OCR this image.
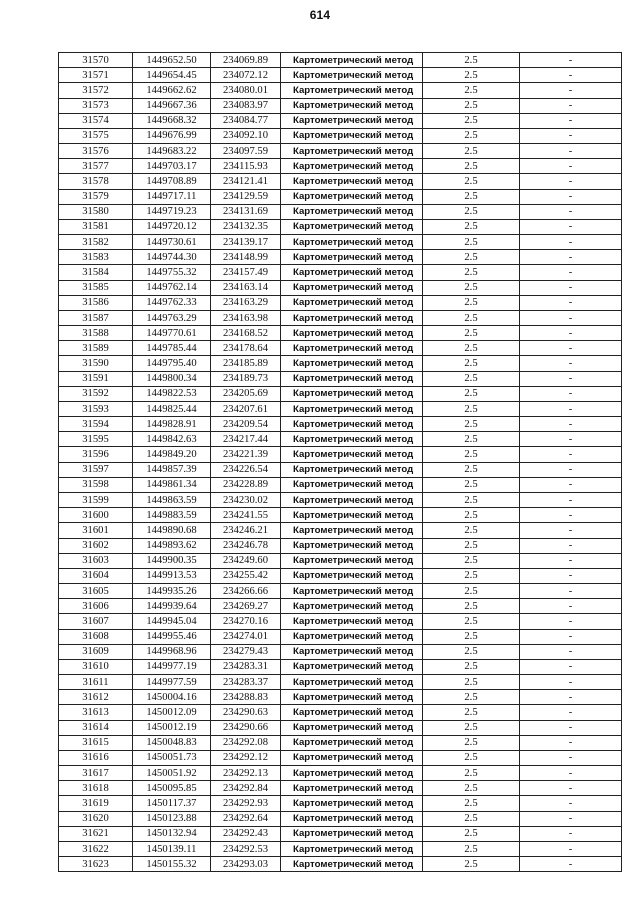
614
31570	1449652.50	234069.89	Картометрический метод	2.5	-
31571	1449654.45	234072.12	Картометрический метод	2.5	-
31572	1449662.62	234080.01	Картометрический метод	2.5	-
31573	1449667.36	234083.97	Картометрический метод	2.5	-
31574	1449668.32	234084.77	Картометрический метод	2.5	-
31575	1449676.99	234092.10	Картометрический метод	2.5	-
31576	1449683.22	234097.59	Картометрический метод	2.5	-
31577	1449703.17	234115.93	Картометрический метод	2.5	-
31578	1449708.89	234121.41	Картометрический метод	2.5	-
31579	1449717.11	234129.59	Картометрический метод	2.5	-
31580	1449719.23	234131.69	Картометрический метод	2.5	-
31581	1449720.12	234132.35	Картометрический метод	2.5	-
31582	1449730.61	234139.17	Картометрический метод	2.5	-
31583	1449744.30	234148.99	Картометрический метод	2.5	-
31584	1449755.32	234157.49	Картометрический метод	2.5	-
31585	1449762.14	234163.14	Картометрический метод	2.5	-
31586	1449762.33	234163.29	Картометрический метод	2.5	-
31587	1449763.29	234163.98	Картометрический метод	2.5	-
31588	1449770.61	234168.52	Картометрический метод	2.5	-
31589	1449785.44	234178.64	Картометрический метод	2.5	-
31590	1449795.40	234185.89	Картометрический метод	2.5	-
31591	1449800.34	234189.73	Картометрический метод	2.5	-
31592	1449822.53	234205.69	Картометрический метод	2.5	-
31593	1449825.44	234207.61	Картометрический метод	2.5	-
31594	1449828.91	234209.54	Картометрический метод	2.5	-
31595	1449842.63	234217.44	Картометрический метод	2.5	-
31596	1449849.20	234221.39	Картометрический метод	2.5	-
31597	1449857.39	234226.54	Картометрический метод	2.5	-
31598	1449861.34	234228.89	Картометрический метод	2.5	-
31599	1449863.59	234230.02	Картометрический метод	2.5	-
31600	1449883.59	234241.55	Картометрический метод	2.5	-
31601	1449890.68	234246.21	Картометрический метод	2.5	-
31602	1449893.62	234246.78	Картометрический метод	2.5	-
31603	1449900.35	234249.60	Картометрический метод	2.5	-
31604	1449913.53	234255.42	Картометрический метод	2.5	-
31605	1449935.26	234266.66	Картометрический метод	2.5	-
31606	1449939.64	234269.27	Картометрический метод	2.5	-
31607	1449945.04	234270.16	Картометрический метод	2.5	-
31608	1449955.46	234274.01	Картометрический метод	2.5	-
31609	1449968.96	234279.43	Картометрический метод	2.5	-
31610	1449977.19	234283.31	Картометрический метод	2.5	-
31611	1449977.59	234283.37	Картометрический метод	2.5	-
31612	1450004.16	234288.83	Картометрический метод	2.5	-
31613	1450012.09	234290.63	Картометрический метод	2.5	-
31614	1450012.19	234290.66	Картометрический метод	2.5	-
31615	1450048.83	234292.08	Картометрический метод	2.5	-
31616	1450051.73	234292.12	Картометрический метод	2.5	-
31617	1450051.92	234292.13	Картометрический метод	2.5	-
31618	1450095.85	234292.84	Картометрический метод	2.5	-
31619	1450117.37	234292.93	Картометрический метод	2.5	-
31620	1450123.88	234292.64	Картометрический метод	2.5	-
31621	1450132.94	234292.43	Картометрический метод	2.5	-
31622	1450139.11	234292.53	Картометрический метод	2.5	-
31623	1450155.32	234293.03	Картометрический метод	2.5	-
